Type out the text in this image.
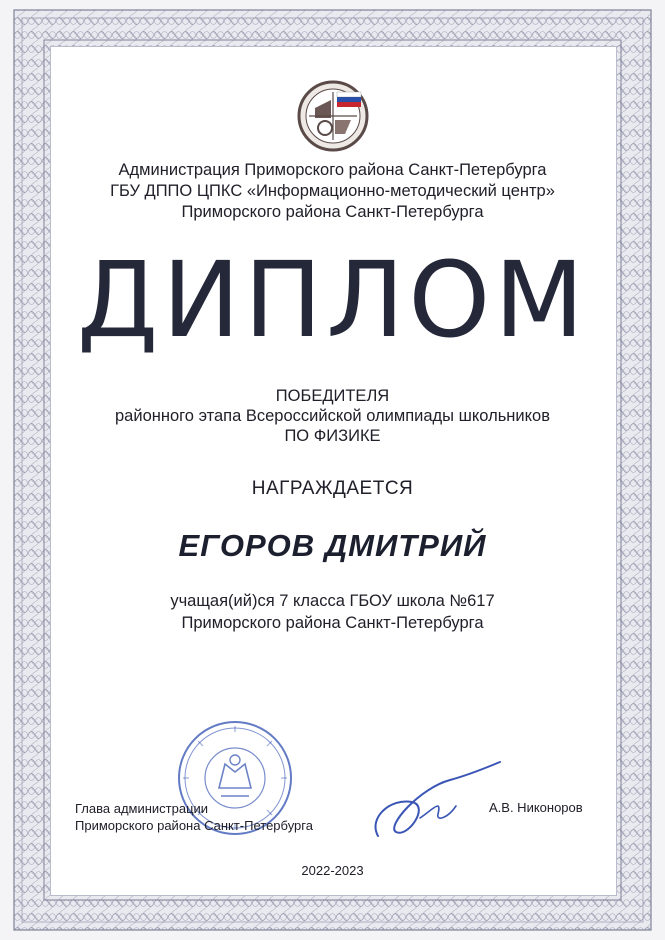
Администрация Приморского района Санкт-Петербурга
ГБУ ДППО ЦПКС «Информационно-методический центр»
Приморского района Санкт-Петербурга
ДИПЛОМ
ПОБЕДИТЕЛЯ
районного этапа Всероссийской олимпиады школьников
ПО ФИЗИКЕ
НАГРАЖДАЕТСЯ
ЕГОРОВ ДМИТРИЙ
учащая(ий)ся 7 класса ГБОУ школа №617
Приморского района Санкт-Петербурга
Глава администрации
Приморского района Санкт-Петербурга
А.В. Никоноров
2022-2023
